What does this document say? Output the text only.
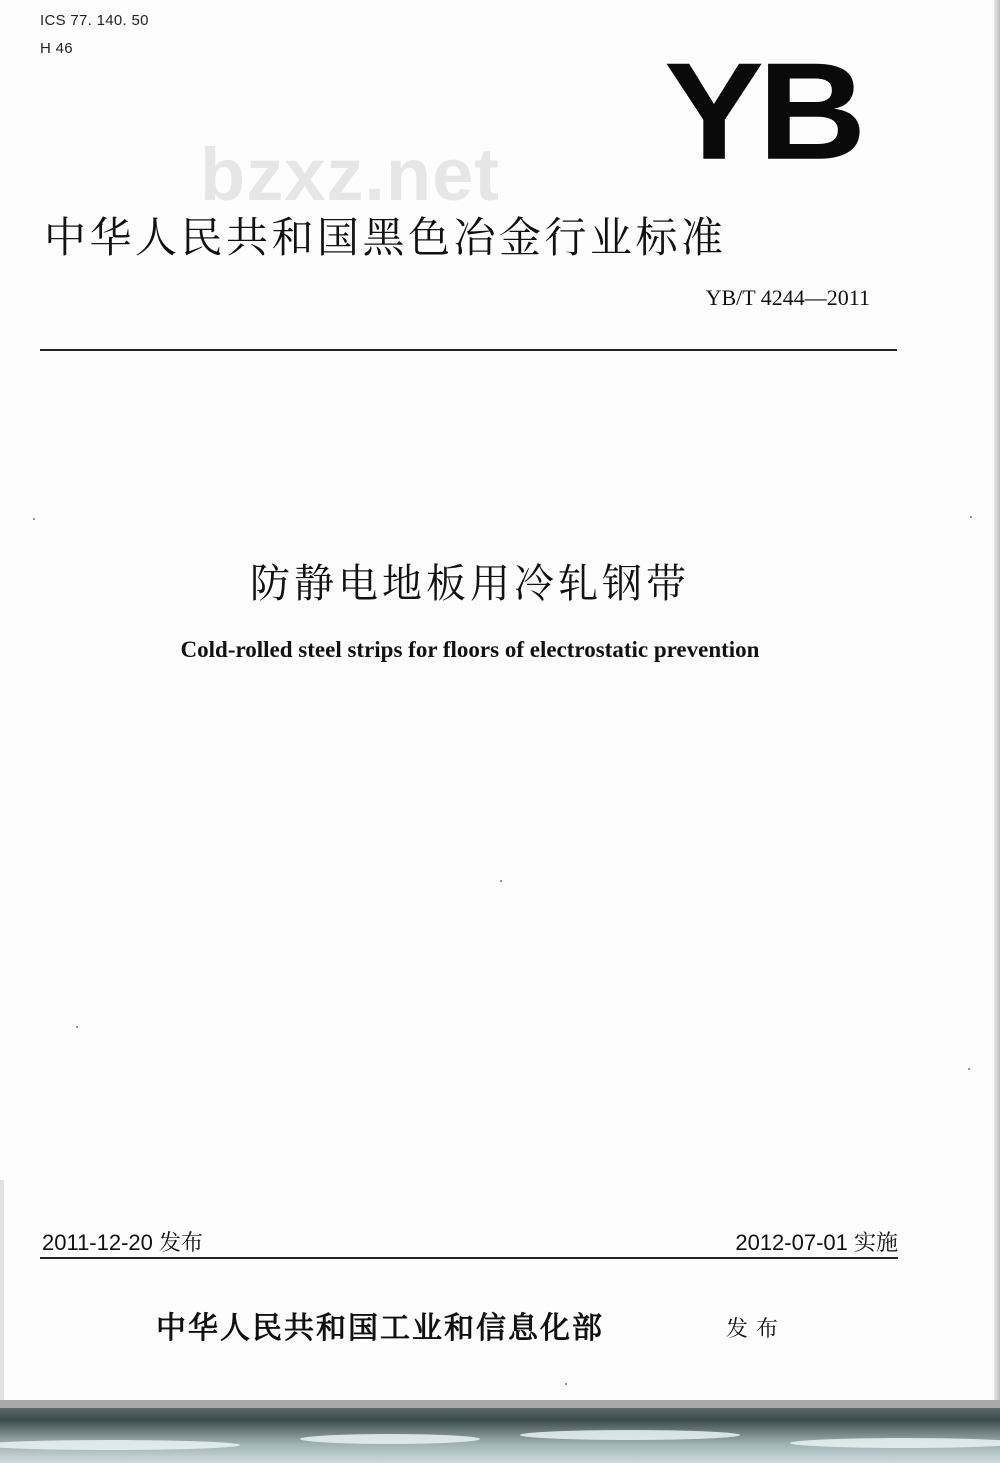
ICS 77. 140. 50
H 46
bzxz.net YB
中华人民共和国黑色冶金行业标准
YB/T 4244—2011
防静电地板用冷轧钢带
Cold-rolled steel strips for floors of electrostatic prevention
2011-12-20 发布	2012-07-01 实施
中华人民共和国工业和信息化部	发布
